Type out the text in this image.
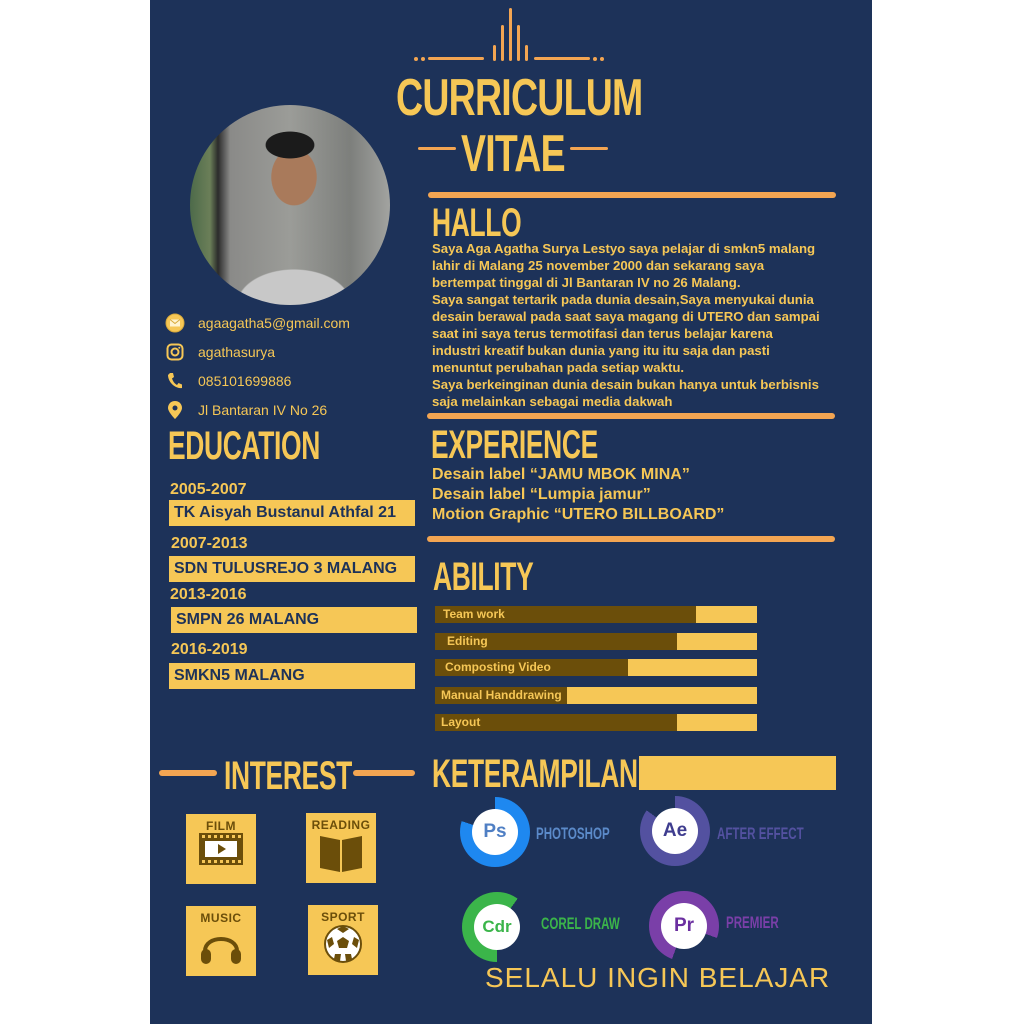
CURRICULUM
VITAE
agaagatha5@gmail.com
agathasurya
085101699886
Jl Bantaran IV No 26
HALLO
Saya Aga Agatha Surya Lestyo saya pelajar di smkn5 malang
lahir di Malang 25 november 2000 dan sekarang saya
bertempat tinggal di Jl Bantaran IV no 26 Malang.
Saya sangat tertarik pada dunia desain,Saya menyukai dunia
desain berawal pada saat saya magang di UTERO dan sampai
saat ini saya terus termotifasi dan terus belajar karena
industri kreatif bukan dunia yang itu itu saja dan pasti
menuntut perubahan pada setiap waktu.
Saya berkeinginan dunia desain bukan hanya untuk berbisnis
saja melainkan sebagai media dakwah
EDUCATION
2005-2007
TK Aisyah Bustanul Athfal 21
2007-2013
SDN TULUSREJO 3 MALANG
2013-2016
SMPN 26 MALANG
2016-2019
SMKN5 MALANG
EXPERIENCE
Desain label “JAMU MBOK MINA”
Desain label “Lumpia jamur”
Motion Graphic “UTERO BILLBOARD”
ABILITY
Team work
Editing
Composting Video
Manual Handdrawing
Layout
INTEREST
FILM	READING
MUSIC	SPORT
KETERAMPILAN
Ps	PHOTOSHOP	Ae	AFTER EFFECT
Cdr	COREL DRAW	Pr	PREMIER
SELALU INGIN BELAJAR
